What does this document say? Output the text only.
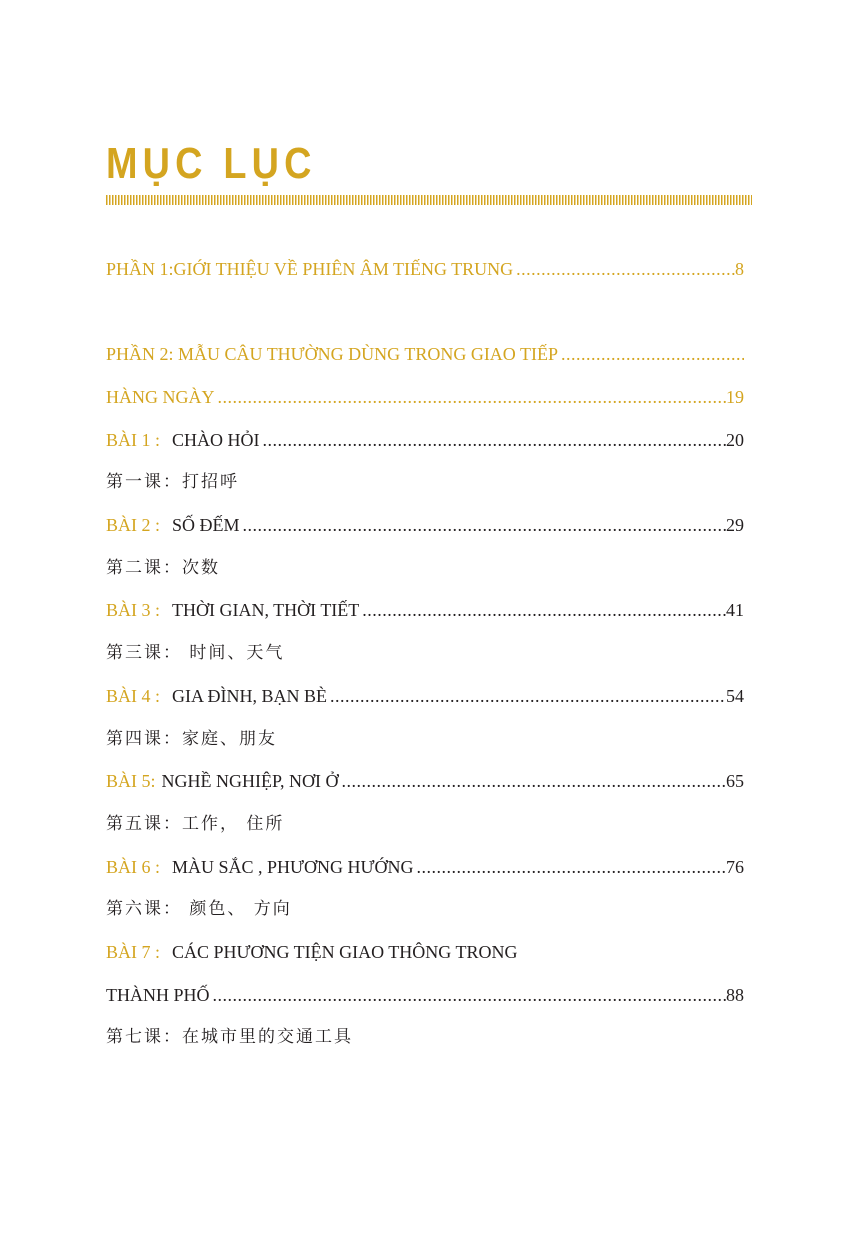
MỤC LỤC
PHẦN 1:GIỚI THIỆU VỀ PHIÊN ÂM TIẾNG TRUNG .....	8
PHẦN 2: MẪU CÂU THƯỜNG DÙNG TRONG GIAO TIẾP
.....
HÀNG NGÀY .....	19
BÀI 1 : CHÀO HỎI .....	20
第一课：打招呼
BÀI 2 : SỐ ĐẾM .....	29
第二课：次数
BÀI 3 : THỜI GIAN, THỜI TIẾT .....	41
第三课： 时间、天气
BÀI 4 : GIA ĐÌNH, BẠN BÈ .....	54
第四课：家庭、朋友
BÀI 5: NGHỀ NGHIỆP, NƠI Ở .....	65
第五课：工作， 住所
BÀI 6 : MÀU SẮC , PHƯƠNG HƯỚNG .....	76
第六课： 颜色、 方向
BÀI 7 : CÁC PHƯƠNG TIỆN GIAO THÔNG TRONG
THÀNH PHỐ .....	88
第七课：在城市里的交通工具
